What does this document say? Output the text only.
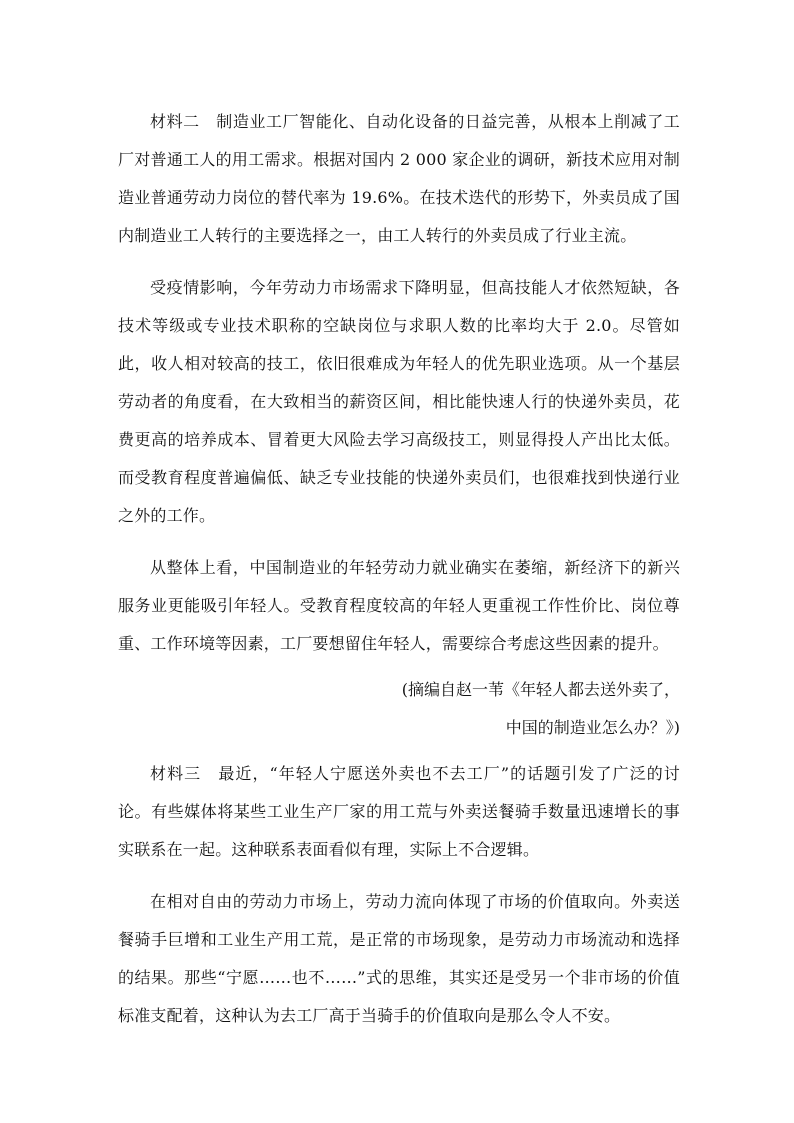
材料二　制造业工厂智能化、自动化设备的日益完善，从根本上削减了工厂对普通工人的用工需求。根据对国内 2 000 家企业的调研，新技术应用对制造业普通劳动力岗位的替代率为 19.6%。在技术迭代的形势下，外卖员成了国内制造业工人转行的主要选择之一，由工人转行的外卖员成了行业主流。

受疫情影响，今年劳动力市场需求下降明显，但高技能人才依然短缺，各技术等级或专业技术职称的空缺岗位与求职人数的比率均大于 2.0。尽管如此，收人相对较高的技工，依旧很难成为年轻人的优先职业选项。从一个基层劳动者的角度看，在大致相当的薪资区间，相比能快速人行的快递外卖员，花费更高的培养成本、冒着更大风险去学习高级技工，则显得投人产出比太低。而受教育程度普遍偏低、缺乏专业技能的快递外卖员们，也很难找到快递行业之外的工作。

从整体上看，中国制造业的年轻劳动力就业确实在萎缩，新经济下的新兴服务业更能吸引年轻人。受教育程度较高的年轻人更重视工作性价比、岗位尊重、工作环境等因素，工厂要想留住年轻人，需要综合考虑这些因素的提升。

(摘编自赵一苇《年轻人都去送外卖了，

中国的制造业怎么办？》)

材料三　最近，“年轻人宁愿送外卖也不去工厂”的话题引发了广泛的讨论。有些媒体将某些工业生产厂家的用工荒与外卖送餐骑手数量迅速增长的事实联系在一起。这种联系表面看似有理，实际上不合逻辑。

在相对自由的劳动力市场上，劳动力流向体现了市场的价值取向。外卖送餐骑手巨增和工业生产用工荒，是正常的市场现象，是劳动力市场流动和选择的结果。那些“宁愿……也不……”式的思维，其实还是受另一个非市场的价值标准支配着，这种认为去工厂高于当骑手的价值取向是那么令人不安。
